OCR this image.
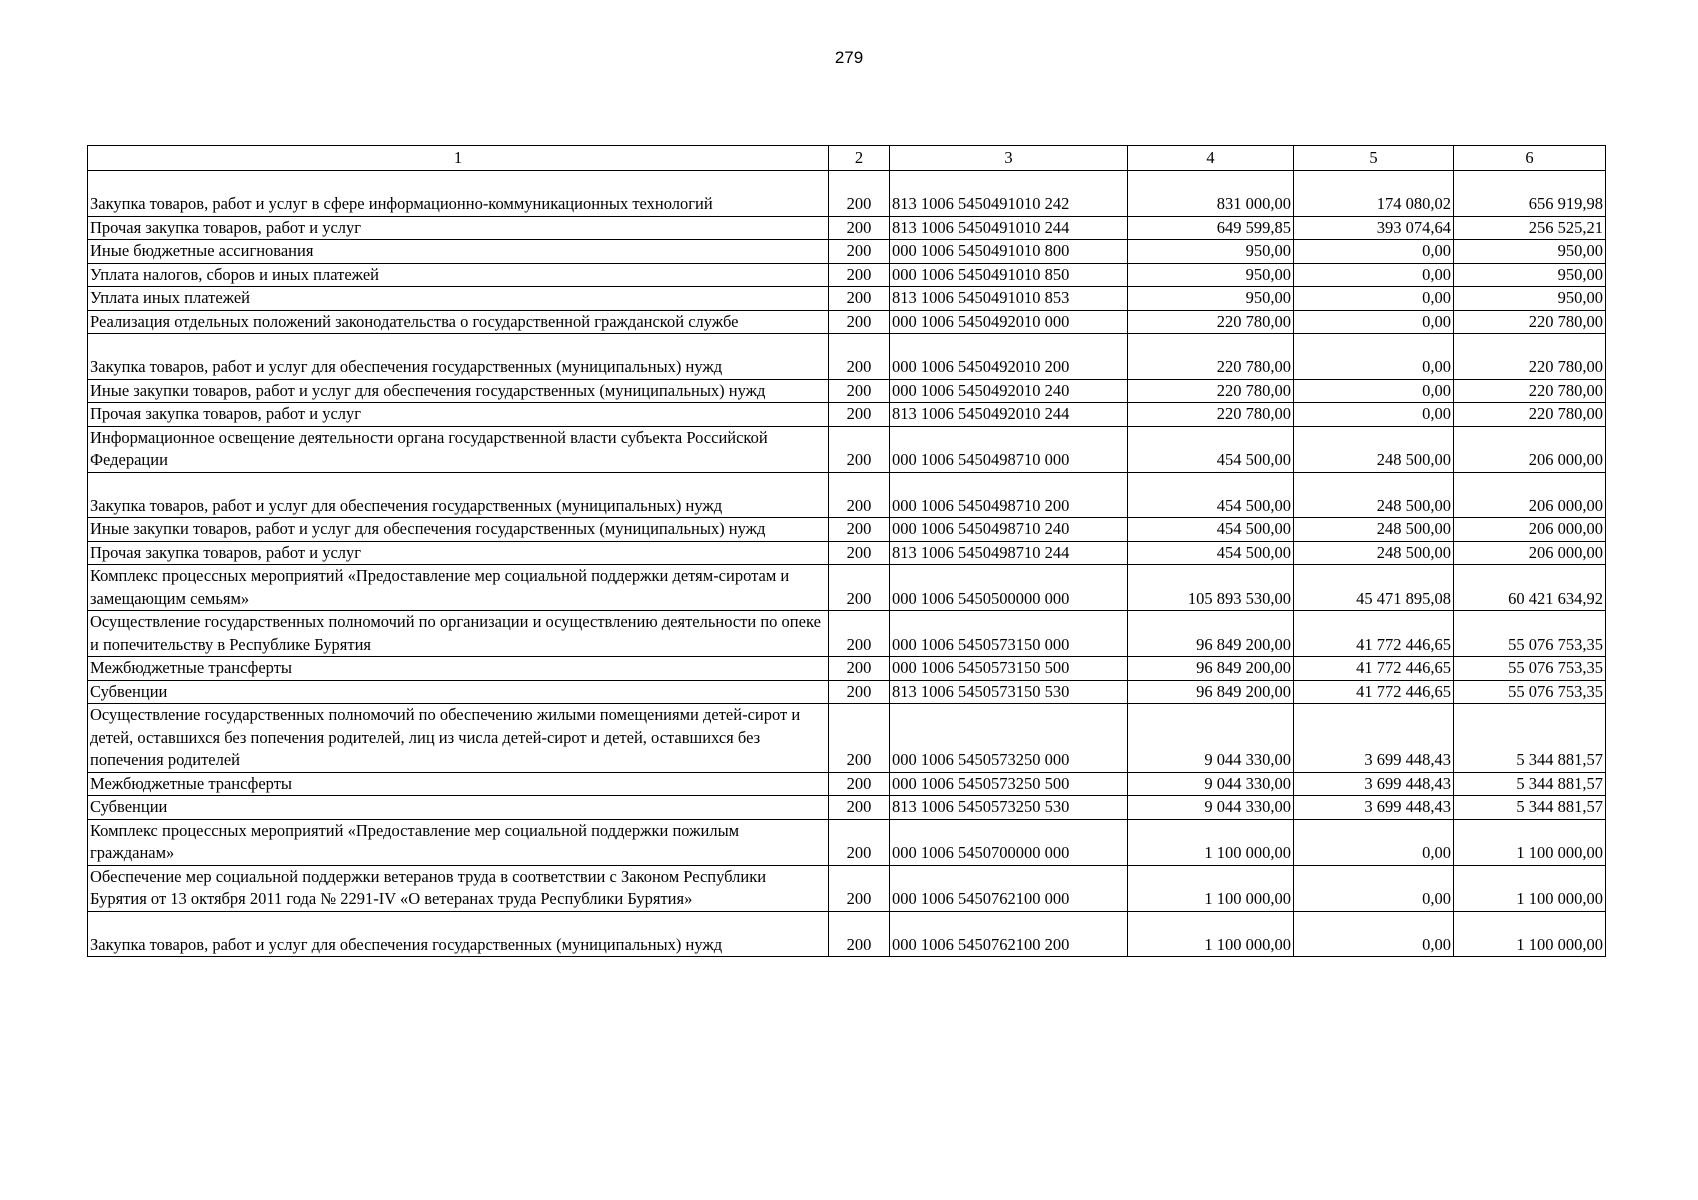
279
1	2	3	4	5	6
Закупка товаров, работ и услуг в сфере информационно-коммуникационных технологий	200	813 1006 5450491010 242	831 000,00	174 080,02	656 919,98
Прочая закупка товаров, работ и услуг	200	813 1006 5450491010 244	649 599,85	393 074,64	256 525,21
Иные бюджетные ассигнования	200	000 1006 5450491010 800	950,00	0,00	950,00
Уплата налогов, сборов и иных платежей	200	000 1006 5450491010 850	950,00	0,00	950,00
Уплата иных платежей	200	813 1006 5450491010 853	950,00	0,00	950,00
Реализация отдельных положений законодательства о государственной гражданской службе	200	000 1006 5450492010 000	220 780,00	0,00	220 780,00
Закупка товаров, работ и услуг для обеспечения государственных (муниципальных) нужд	200	000 1006 5450492010 200	220 780,00	0,00	220 780,00
Иные закупки товаров, работ и услуг для обеспечения государственных (муниципальных) нужд	200	000 1006 5450492010 240	220 780,00	0,00	220 780,00
Прочая закупка товаров, работ и услуг	200	813 1006 5450492010 244	220 780,00	0,00	220 780,00
Информационное освещение деятельности органа государственной власти субъекта Российской Федерации	200	000 1006 5450498710 000	454 500,00	248 500,00	206 000,00
Закупка товаров, работ и услуг для обеспечения государственных (муниципальных) нужд	200	000 1006 5450498710 200	454 500,00	248 500,00	206 000,00
Иные закупки товаров, работ и услуг для обеспечения государственных (муниципальных) нужд	200	000 1006 5450498710 240	454 500,00	248 500,00	206 000,00
Прочая закупка товаров, работ и услуг	200	813 1006 5450498710 244	454 500,00	248 500,00	206 000,00
Комплекс процессных мероприятий «Предоставление мер социальной поддержки детям-сиротам и замещающим семьям»	200	000 1006 5450500000 000	105 893 530,00	45 471 895,08	60 421 634,92
Осуществление государственных полномочий по организации и осуществлению деятельности по опеке и попечительству в Республике Бурятия	200	000 1006 5450573150 000	96 849 200,00	41 772 446,65	55 076 753,35
Межбюджетные трансферты	200	000 1006 5450573150 500	96 849 200,00	41 772 446,65	55 076 753,35
Субвенции	200	813 1006 5450573150 530	96 849 200,00	41 772 446,65	55 076 753,35
Осуществление государственных полномочий по обеспечению жилыми помещениями детей-сирот и детей, оставшихся без попечения родителей, лиц из числа детей-сирот и детей, оставшихся без попечения родителей	200	000 1006 5450573250 000	9 044 330,00	3 699 448,43	5 344 881,57
Межбюджетные трансферты	200	000 1006 5450573250 500	9 044 330,00	3 699 448,43	5 344 881,57
Субвенции	200	813 1006 5450573250 530	9 044 330,00	3 699 448,43	5 344 881,57
Комплекс процессных мероприятий «Предоставление мер социальной поддержки пожилым гражданам»	200	000 1006 5450700000 000	1 100 000,00	0,00	1 100 000,00
Обеспечение мер социальной поддержки ветеранов труда в соответствии с Законом Республики Бурятия от 13 октября 2011 года № 2291-IV «О ветеранах труда Республики Бурятия»	200	000 1006 5450762100 000	1 100 000,00	0,00	1 100 000,00
Закупка товаров, работ и услуг для обеспечения государственных (муниципальных) нужд	200	000 1006 5450762100 200	1 100 000,00	0,00	1 100 000,00
